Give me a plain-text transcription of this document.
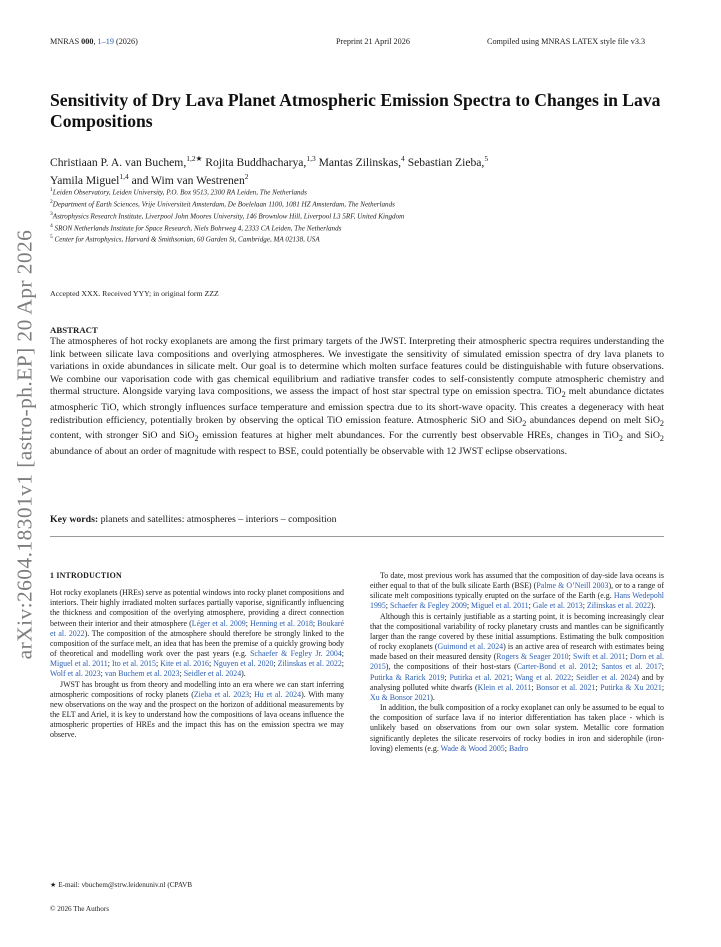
MNRAS 000, 1–19 (2026)	Preprint 21 April 2026	Compiled using MNRAS LATEX style file v3.3
arXiv:2604.18301v1 [astro-ph.EP] 20 Apr 2026
Sensitivity of Dry Lava Planet Atmospheric Emission Spectra to Changes in Lava Compositions
Christiaan P. A. van Buchem,$^{1,2★}$ Rojita Buddhacharya,$^{1,3}$ Mantas Zilinskas,$^4$ Sebastian Zieba,$^5$
Yamila Miguel$^{1,4}$ and Wim van Westrenen$^2$
$^1$Leiden Observatory, Leiden University, P.O. Box 9513, 2300 RA Leiden, The Netherlands
$^2$Department of Earth Sciences, Vrije Universiteit Amsterdam, De Boelelaan 1100, 1081 HZ Amsterdam, The Netherlands
$^3$Astrophysics Research Institute, Liverpool John Moores University, 146 Brownlow Hill, Liverpool L3 5RF, United Kingdom
$^4$ SRON Netherlands Institute for Space Research, Niels Bohrweg 4, 2333 CA Leiden, The Netherlands
$^5$ Center for Astrophysics, Harvard & Smithsonian, 60 Garden St, Cambridge, MA 02138, USA
Accepted XXX. Received YYY; in original form ZZZ
ABSTRACT
The atmospheres of hot rocky exoplanets are among the first primary targets of the JWST. Interpreting their atmospheric spectra requires understanding the link between silicate lava compositions and overlying atmospheres. We investigate the sensitivity of simulated emission spectra of dry lava planets to variations in oxide abundances in silicate melt. Our goal is to determine which molten surface features could be distinguishable with future observations. We combine our vaporisation code with gas chemical equilibrium and radiative transfer codes to self-consistently compute atmospheric chemistry and thermal structure. Alongside varying lava compositions, we assess the impact of host star spectral type on emission spectra. TiO$_2$ melt abundance dictates atmospheric TiO, which strongly influences surface temperature and emission spectra due to its short-wave opacity. This creates a degeneracy with heat redistribution efficiency, potentially broken by observing the optical TiO emission feature. Atmospheric SiO and SiO$_2$ abundances depend on melt SiO$_2$ content, with stronger SiO and SiO$_2$ emission features at higher melt abundances. For the currently best observable HREs, changes in TiO$_2$ and SiO$_2$ abundance of about an order of magnitude with respect to BSE, could potentially be observable with 12 JWST eclipse observations.
Key words: planets and satellites: atmospheres – interiors – composition
1 INTRODUCTION

Hot rocky exoplanets (HREs) serve as potential windows into rocky planet compositions and interiors. Their highly irradiated molten surfaces partially vaporise, significantly influencing the thickness and composition of the overlying atmosphere, providing a direct connection between their interior and their atmosphere (Léger et al. 2009; Henning et al. 2018; Boukaré et al. 2022). The composition of the atmosphere should therefore be strongly linked to the composition of the surface melt, an idea that has been the premise of a quickly growing body of theoretical and modelling work over the past years (e.g. Schaefer & Fegley Jr. 2004; Miguel et al. 2011; Ito et al. 2015; Kite et al. 2016; Nguyen et al. 2020; Zilinskas et al. 2022; Wolf et al. 2023; van Buchem et al. 2023; Seidler et al. 2024).

JWST has brought us from theory and modelling into an era where we can start inferring atmospheric compositions of rocky planets (Zieba et al. 2023; Hu et al. 2024). With many new observations on the way and the prospect on the horizon of additional measurements by the ELT and Ariel, it is key to understand how the compositions of lava oceans influence the atmospheric properties of HREs and the impact this has on the emission spectra we may observe.

To date, most previous work has assumed that the composition of day-side lava oceans is either equal to that of the bulk silicate Earth (BSE) (Palme & O’Neill 2003), or to a range of silicate melt compositions typically erupted on the surface of the Earth (e.g. Hans Wedepohl 1995; Schaefer & Fegley 2009; Miguel et al. 2011; Gale et al. 2013; Zilinskas et al. 2022).

Although this is certainly justifiable as a starting point, it is becoming increasingly clear that the compositional variability of rocky planetary crusts and mantles can be significantly larger than the range covered by these initial assumptions. Estimating the bulk composition of rocky exoplanets (Guimond et al. 2024) is an active area of research with estimates being made based on their measured density (Rogers & Seager 2010; Swift et al. 2011; Dorn et al. 2015), the compositions of their host-stars (Carter-Bond et al. 2012; Santos et al. 2017; Putirka & Rarick 2019; Putirka et al. 2021; Wang et al. 2022; Seidler et al. 2024) and by analysing polluted white dwarfs (Klein et al. 2011; Bonsor et al. 2021; Putirka & Xu 2021; Xu & Bonsor 2021).

In addition, the bulk composition of a rocky exoplanet can only be assumed to be equal to the composition of surface lava if no interior differentiation has taken place - which is unlikely based on observations from our own solar system. Metallic core formation significantly depletes the silicate reservoirs of rocky bodies in iron and siderophile (iron-loving) elements (e.g. Wade & Wood 2005; Badro

★ E-mail: vbuchem@strw.leidenuniv.nl (CPAVB
© 2026 The Authors
